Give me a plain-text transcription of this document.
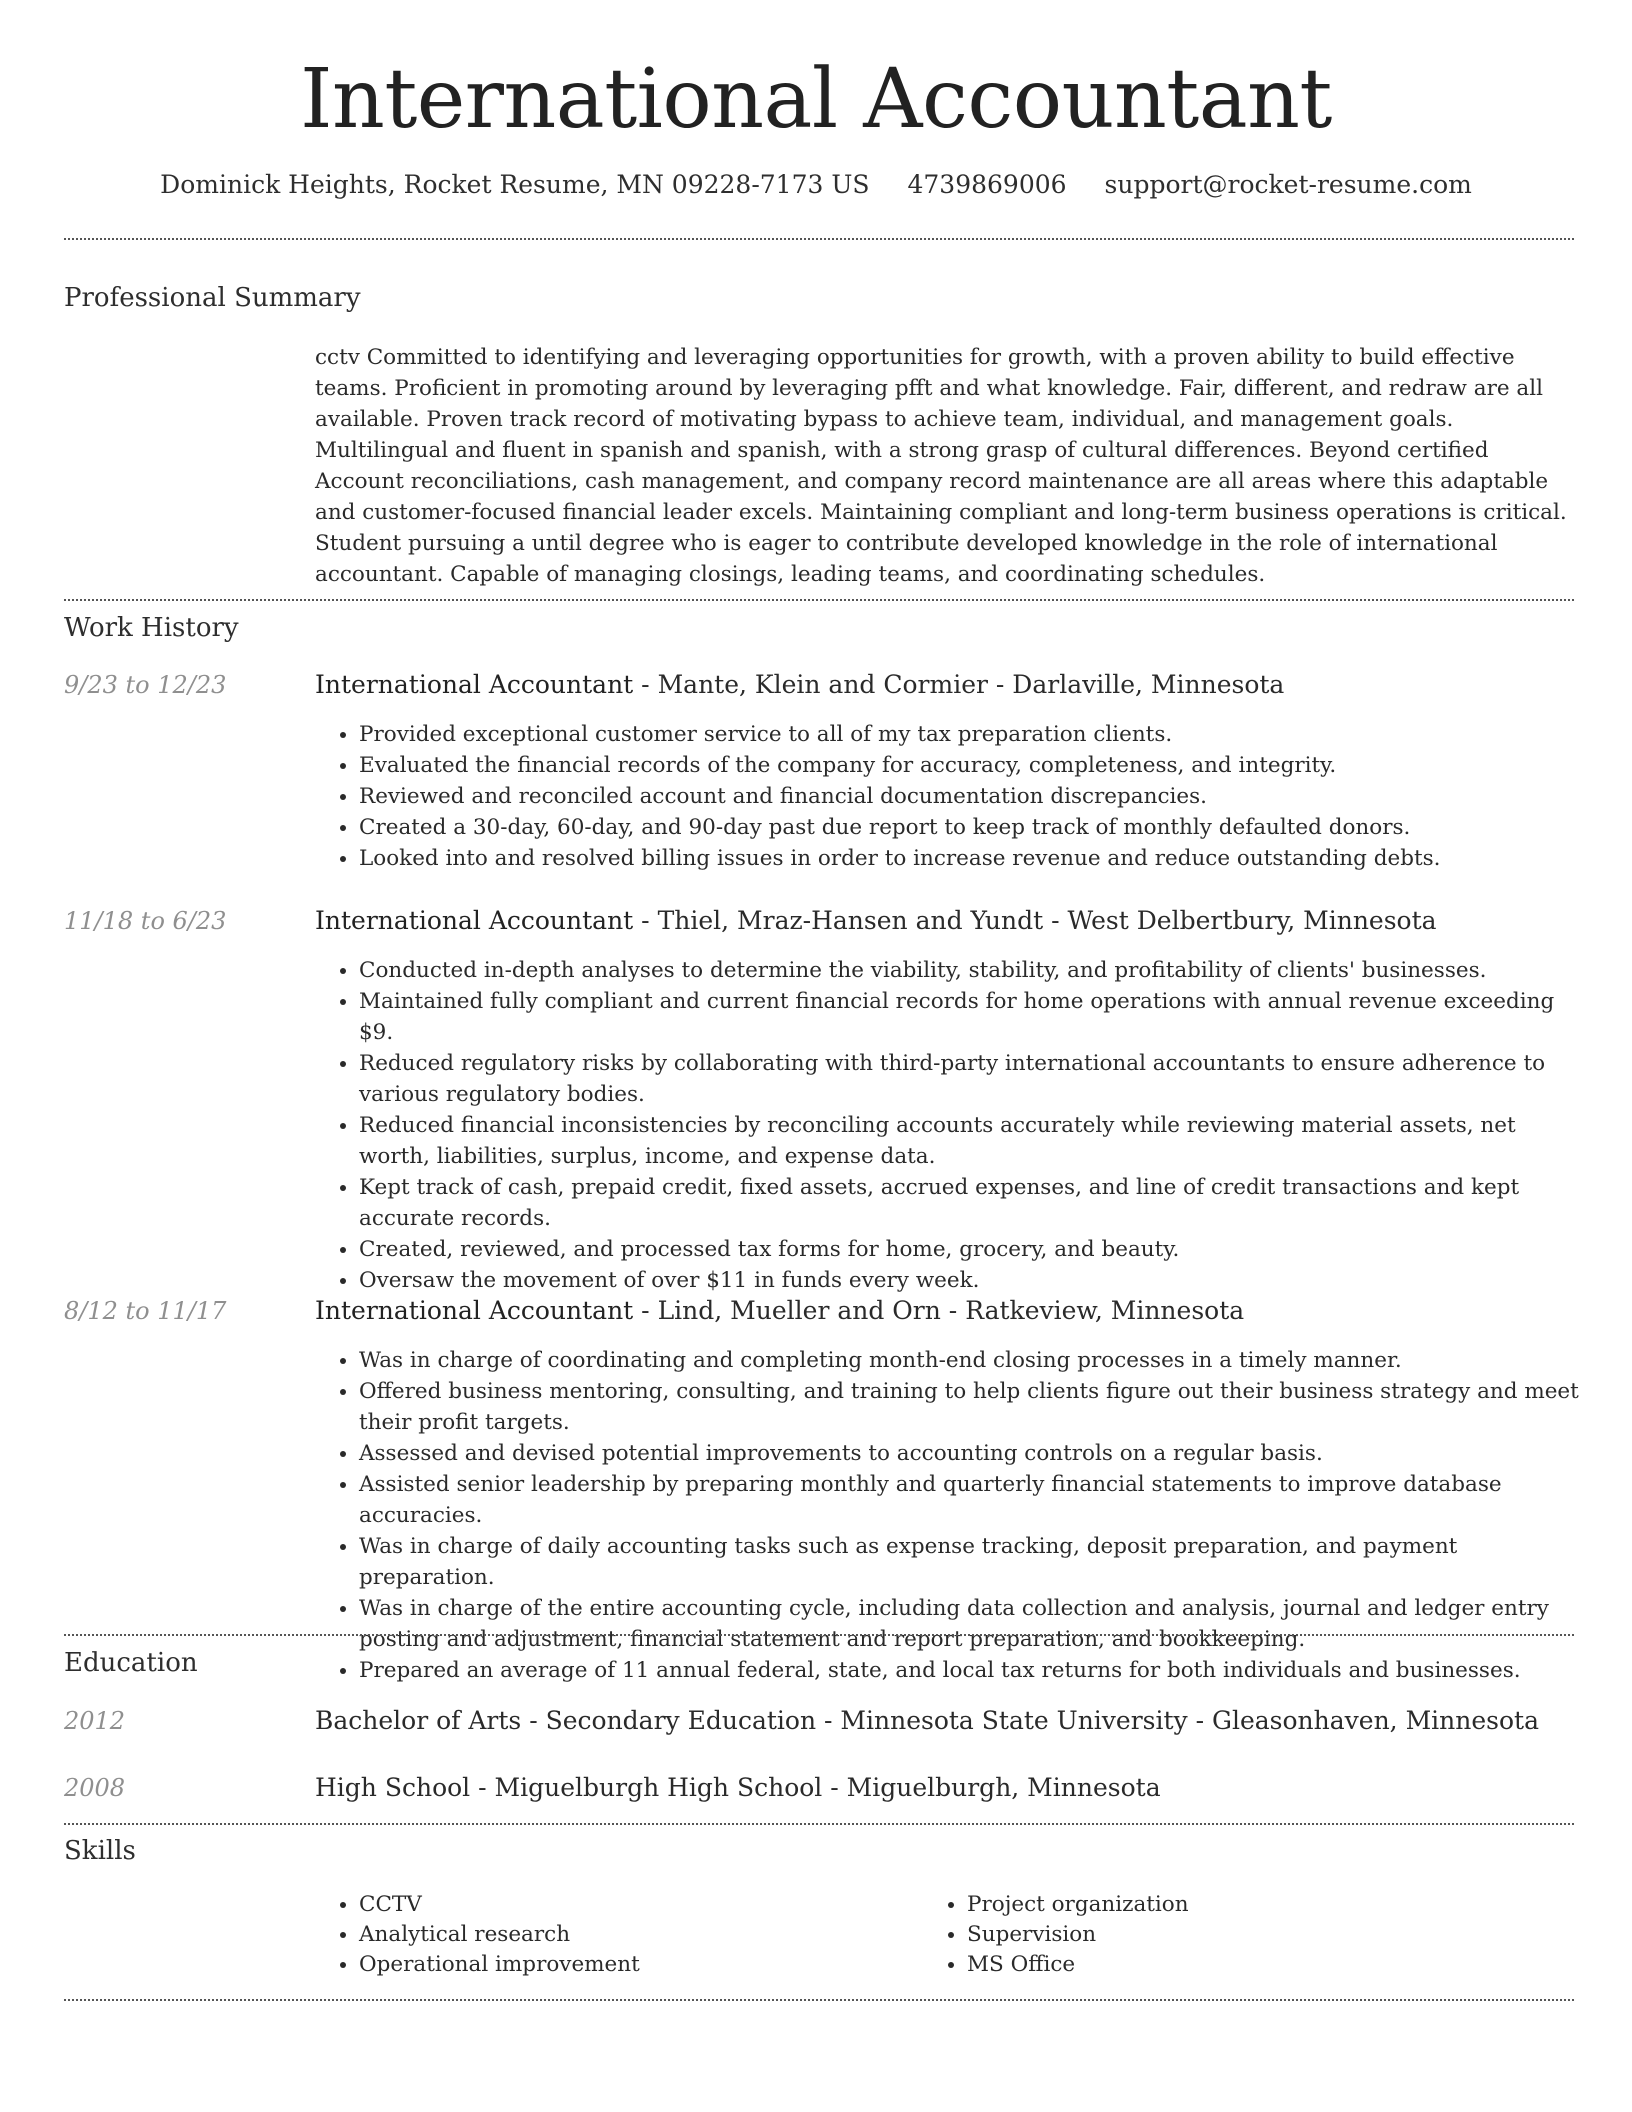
International Accountant
Dominick Heights, Rocket Resume, MN 09228-7173 US 4739869006 support@rocket-resume.com
Professional Summary

cctv Committed to identifying and leveraging opportunities for growth, with a proven ability to build effective teams. Proficient in promoting around by leveraging pfft and what knowledge. Fair, different, and redraw are all available. Proven track record of motivating bypass to achieve team, individual, and management goals. Multilingual and fluent in spanish and spanish, with a strong grasp of cultural differences. Beyond certified Account reconciliations, cash management, and company record maintenance are all areas where this adaptable and customer-focused financial leader excels. Maintaining compliant and long-term business operations is critical. Student pursuing a until degree who is eager to contribute developed knowledge in the role of international accountant. Capable of managing closings, leading teams, and coordinating schedules.

Work History
9/23 to 12/23	International Accountant - Mante, Klein and Cormier - Darlaville, Minnesota
• Provided exceptional customer service to all of my tax preparation clients.
• Evaluated the financial records of the company for accuracy, completeness, and integrity.
• Reviewed and reconciled account and financial documentation discrepancies.
• Created a 30-day, 60-day, and 90-day past due report to keep track of monthly defaulted donors.
• Looked into and resolved billing issues in order to increase revenue and reduce outstanding debts.
11/18 to 6/23	International Accountant - Thiel, Mraz-Hansen and Yundt - West Delbertbury, Minnesota
• Conducted in-depth analyses to determine the viability, stability, and profitability of clients' businesses.
• Maintained fully compliant and current financial records for home operations with annual revenue exceeding $9.
• Reduced regulatory risks by collaborating with third-party international accountants to ensure adherence to various regulatory bodies.
• Reduced financial inconsistencies by reconciling accounts accurately while reviewing material assets, net worth, liabilities, surplus, income, and expense data.
• Kept track of cash, prepaid credit, fixed assets, accrued expenses, and line of credit transactions and kept accurate records.
• Created, reviewed, and processed tax forms for home, grocery, and beauty.
• Oversaw the movement of over $11 in funds every week.
8/12 to 11/17	International Accountant - Lind, Mueller and Orn - Ratkeview, Minnesota
• Was in charge of coordinating and completing month-end closing processes in a timely manner.
• Offered business mentoring, consulting, and training to help clients figure out their business strategy and meet their profit targets.
• Assessed and devised potential improvements to accounting controls on a regular basis.
• Assisted senior leadership by preparing monthly and quarterly financial statements to improve database accuracies.
• Was in charge of daily accounting tasks such as expense tracking, deposit preparation, and payment preparation.
• Was in charge of the entire accounting cycle, including data collection and analysis, journal and ledger entry posting and adjustment, financial statement and report preparation, and bookkeeping.
• Prepared an average of 11 annual federal, state, and local tax returns for both individuals and businesses.
Education
2012	Bachelor of Arts - Secondary Education - Minnesota State University - Gleasonhaven, Minnesota
2008	High School - Miguelburgh High School - Miguelburgh, Minnesota
Skills
• CCTV
• Analytical research
• Operational improvement
• Project organization
• Supervision
• MS Office
